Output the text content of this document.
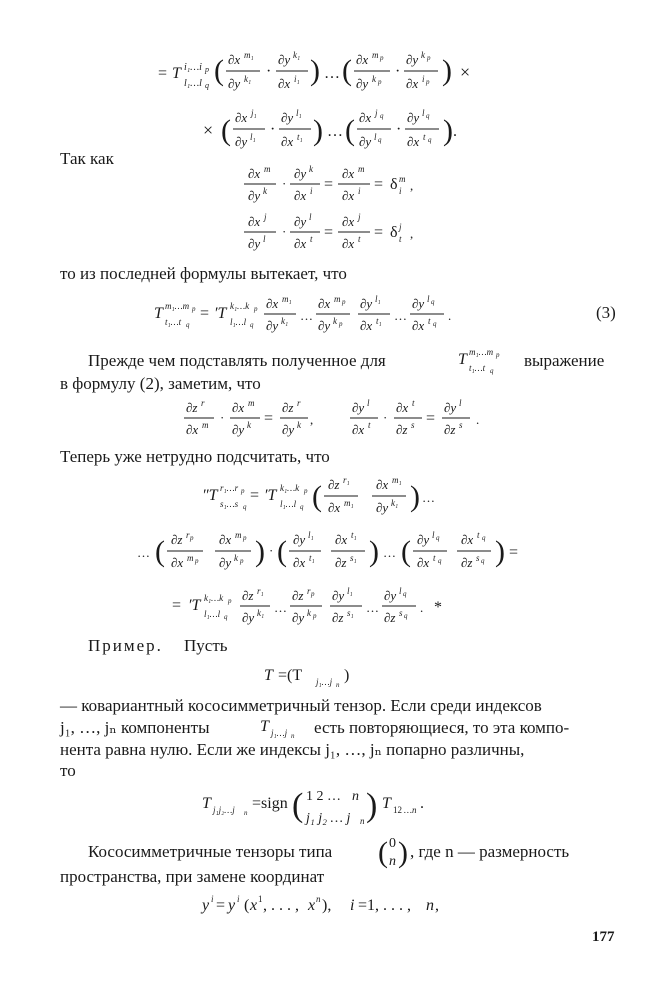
= T i₁…i p
l₁…l q ( ∂x m₁
∂y k₁ ·
∂y k₁
∂x i₁ ) … ( ∂x m p
∂y k p
·
∂y k p
∂x i p ) ×
× ( ∂x j₁
∂y l₁ ·
∂y l₁
∂x t₁ ) … ( ∂x j q
∂y l q
·
∂y l q
∂x t q ) .
Так как
∂x m
∂y k ·
∂y k
∂x i =
∂x m
∂x i = δ m
i ,
∂x j
∂y l ·
∂y l
∂x t =
∂x j
∂x t = δ j
t ,
то из последней формулы вытекает, что
T m₁…m p
t₁…t q
= ′T k₁…k p
l₁…l q
∂x m₁
∂y k₁ …
∂x m p
∂y k p
∂y l₁
∂x t₁ …
∂y l q
∂x t q
.	(3)
Прежде чем подставлять полученное для	T m₁…m p
t₁…t q
выражение
в формулу (2), заметим, что
∂z r
∂x m ·
∂x m
∂y k =
∂z r
∂y k ,
∂y l
∂x t ·
∂x t
∂z s =
∂y l
∂z s .
Теперь уже нетрудно подсчитать, что
″T r₁…r p
s₁…s q
= ′T k₁…k p
l₁…l q ( ∂z r₁
∂x m₁
∂x m₁
∂y k₁ ) …
… ( ∂z r p
∂x m p
∂x m p
∂y k p ) · ( ∂y l₁
∂x t₁
∂x t₁
∂z s₁ ) … ( ∂y l q
∂x t q
∂x t q
∂z s q ) =
= ′T k₁…k p
l₁…l q
∂z r₁
∂y k₁ …
∂z r p
∂y k p
∂y l₁
∂z s₁ …
∂y l q
∂z s q
. *
Пример. Пусть
T =(T j₁…j n
)
— ковариантный кососимметричный тензор. Если среди индексов
j₁, …, jₙ компоненты	T j₁…j n есть повторяющиеся, то эта компо-
нента равна нулю. Если же индексы j₁, …, jₙ попарно различны,
то
T j₁j₂…j n
=sign ( 1 2 … n
j₁ j₂ … j n ) T 12 …n .
Кососимметричные тензоры типа ( 0
n ) , где n — размерность
пространства, при замене координат
y i = y i ( x 1 , . . . , x n ), i =1, . . . , n ,
177
